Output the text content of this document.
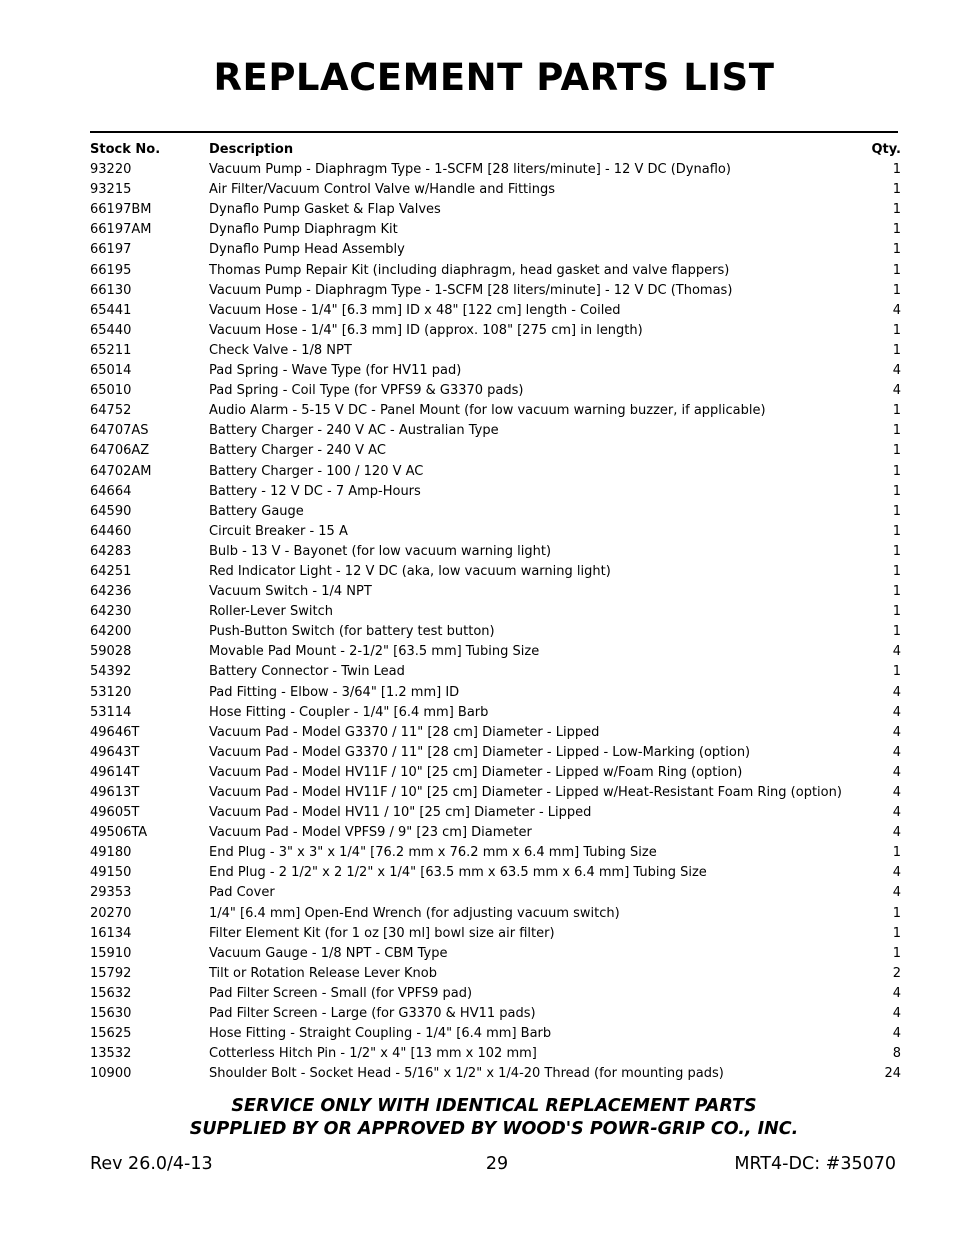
REPLACEMENT PARTS LIST
Stock No.	Description	Qty.
93220	Vacuum Pump - Diaphragm Type - 1-SCFM [28 liters/minute] - 12 V DC (Dynaflo)	1
93215	Air Filter/Vacuum Control Valve w/Handle and Fittings	1
66197BM	Dynaflo Pump Gasket & Flap Valves	1
66197AM	Dynaflo Pump Diaphragm Kit	1
66197	Dynaflo Pump Head Assembly	1
66195	Thomas Pump Repair Kit (including diaphragm, head gasket and valve flappers)	1
66130	Vacuum Pump - Diaphragm Type - 1-SCFM [28 liters/minute] - 12 V DC (Thomas)	1
65441	Vacuum Hose - 1/4" [6.3 mm] ID x 48" [122 cm] length - Coiled	4
65440	Vacuum Hose - 1/4" [6.3 mm] ID (approx. 108" [275 cm] in length)	1
65211	Check Valve - 1/8 NPT	1
65014	Pad Spring - Wave Type (for HV11 pad)	4
65010	Pad Spring - Coil Type (for VPFS9 & G3370 pads)	4
64752	Audio Alarm - 5-15 V DC - Panel Mount (for low vacuum warning buzzer, if applicable)	1
64707AS	Battery Charger - 240 V AC - Australian Type	1
64706AZ	Battery Charger - 240 V AC	1
64702AM	Battery Charger - 100 / 120 V AC	1
64664	Battery - 12 V DC - 7 Amp-Hours	1
64590	Battery Gauge	1
64460	Circuit Breaker - 15 A	1
64283	Bulb - 13 V - Bayonet (for low vacuum warning light)	1
64251	Red Indicator Light - 12 V DC (aka, low vacuum warning light)	1
64236	Vacuum Switch - 1/4 NPT	1
64230	Roller-Lever Switch	1
64200	Push-Button Switch (for battery test button)	1
59028	Movable Pad Mount - 2-1/2" [63.5 mm] Tubing Size	4
54392	Battery Connector - Twin Lead	1
53120	Pad Fitting - Elbow - 3/64" [1.2 mm] ID	4
53114	Hose Fitting - Coupler - 1/4" [6.4 mm] Barb	4
49646T	Vacuum Pad - Model G3370 / 11" [28 cm] Diameter - Lipped	4
49643T	Vacuum Pad - Model G3370 / 11" [28 cm] Diameter - Lipped - Low-Marking (option)	4
49614T	Vacuum Pad - Model HV11F / 10" [25 cm] Diameter - Lipped w/Foam Ring (option)	4
49613T	Vacuum Pad - Model HV11F / 10" [25 cm] Diameter - Lipped w/Heat-Resistant Foam Ring (option)	4
49605T	Vacuum Pad - Model HV11 / 10" [25 cm] Diameter - Lipped	4
49506TA	Vacuum Pad - Model VPFS9 / 9" [23 cm] Diameter	4
49180	End Plug - 3" x 3" x 1/4" [76.2 mm x 76.2 mm x 6.4 mm] Tubing Size	1
49150	End Plug - 2 1/2" x 2 1/2" x 1/4" [63.5 mm x 63.5 mm x 6.4 mm] Tubing Size	4
29353	Pad Cover	4
20270	1/4" [6.4 mm] Open-End Wrench (for adjusting vacuum switch)	1
16134	Filter Element Kit (for 1 oz [30 ml] bowl size air filter)	1
15910	Vacuum Gauge - 1/8 NPT - CBM Type	1
15792	Tilt or Rotation Release Lever Knob	2
15632	Pad Filter Screen - Small (for VPFS9 pad)	4
15630	Pad Filter Screen - Large (for G3370 & HV11 pads)	4
15625	Hose Fitting - Straight Coupling - 1/4" [6.4 mm] Barb	4
13532	Cotterless Hitch Pin - 1/2" x 4" [13 mm x 102 mm]	8
10900	Shoulder Bolt - Socket Head - 5/16" x 1/2" x 1/4-20 Thread (for mounting pads)	24
SERVICE ONLY WITH IDENTICAL REPLACEMENT PARTS
SUPPLIED BY OR APPROVED BY WOOD'S POWR-GRIP CO., INC.
Rev 26.0/4-13	29	MRT4-DC: #35070
